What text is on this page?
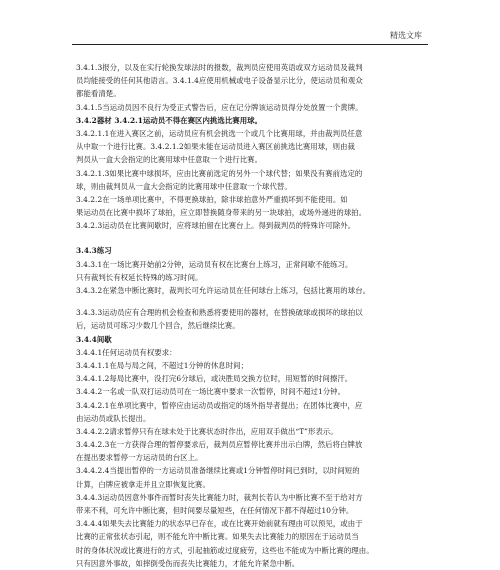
精选文库
3.4.1.3报分，以及在实行轮换发球法时的报数，裁判员应使用英语或双方运动员及裁判
员均能接受的任何其他语言。3.4.1.4应使用机械或电子设备显示比分，使运动员和观众
都能看清楚。
3.4.1.5当运动员因不良行为受正式警告后，应在记分牌该运动员得分处放置一个黄牌。
3.4.2器材 3.4.2.1运动员不得在赛区内挑选比赛用球。
3.4.2.1.1在进入赛区之前，运动员应有机会挑选一个或几个比赛用球，并由裁判员任意
从中取一个进行比赛。3.4.2.1.2如果未能在运动员进入赛区前挑选比赛用球，则由裁
判员从一盒大会指定的比赛用球中任意取一个进行比赛。
3.4.2.1.3如果比赛中球损坏，应由比赛前选定的另外一个球代替；如果没有赛前选定的
球，则由裁判员从一盒大会指定的比赛用球中任意取一个球代替。
3.4.2.2在一场单项比赛中，不得更换球拍，除非球拍意外严重损坏到不能使用。如
果运动员在比赛中损坏了球拍，应立即替换随身带来的另一块球拍，或场外递进的球拍。
3.4.2.3运动员在比赛间歇时，应将球拍留在比赛台上。得到裁判员的特殊许可除外。
3.4.3练习
3.4.3.1在一场比赛开始前2分钟，运动员有权在比赛台上练习，正常间歇不能练习。
只有裁判长有权延长特殊的练习时间。
3.4.3.2在紧急中断比赛时，裁判长可允许运动员在任何球台上练习，包括比赛用的球台。
3.4.3.3运动员应有合理的机会检查和熟悉将要使用的器材，在替换破球或损坏的球拍以
后，运动员可练习少数几个回合，然后继续比赛。
3.4.4间歇
3.4.4.1任何运动员有权要求：
3.4.4.1.1在局与局之间，不超过1分钟的休息时间；
3.4.4.1.2每局比赛中，没打完6分球后，或决胜局交换方位时，用短暂的时间擦汗。
3.4.4.2一名或一队双打运动员可在一场比赛中要求一次暂停，时间不超过1分钟。
3.4.4.2.1在单项比赛中，暂停应由运动员或指定的场外指导者提出；在团体比赛中，应
由运动员或队长提出。
3.4.4.2.2请求暂停只有在球未处于比赛状态时作出，应用双手做出“T”形表示。
3.4.4.2.3在一方获得合理的暂停要求后，裁判员应暂停比赛并出示白牌，然后将白牌放
在提出要求暂停一方运动员的台区上。
3.4.4.2.4当提出暂停的一方运动员准备继续比赛或1分钟暂停时间已到时，以时间短的
计算，白牌应被拿走并且立即恢复比赛。
3.4.4.3运动员因意外事件而暂时丧失比赛能力时，裁判长若认为中断比赛不至于给对方
带来不利，可允许中断比赛，但时间要尽量短些，在任何情况下都不得超过10分钟。
3.4.4.4如果失去比赛能力的状态早已存在，或在比赛开始前就有理由可以预见，或由于
比赛的正常张状态引起，则不能允许中断比赛。如果失去比赛能力的原因在于运动员当
时的身体状况或比赛进行的方式，引起抽筋或过度疲劳，这些也不能成为中断比赛的理由。
只有因意外事故，如摔倒受伤而丧失比赛能力，才能允许紧急中断。
